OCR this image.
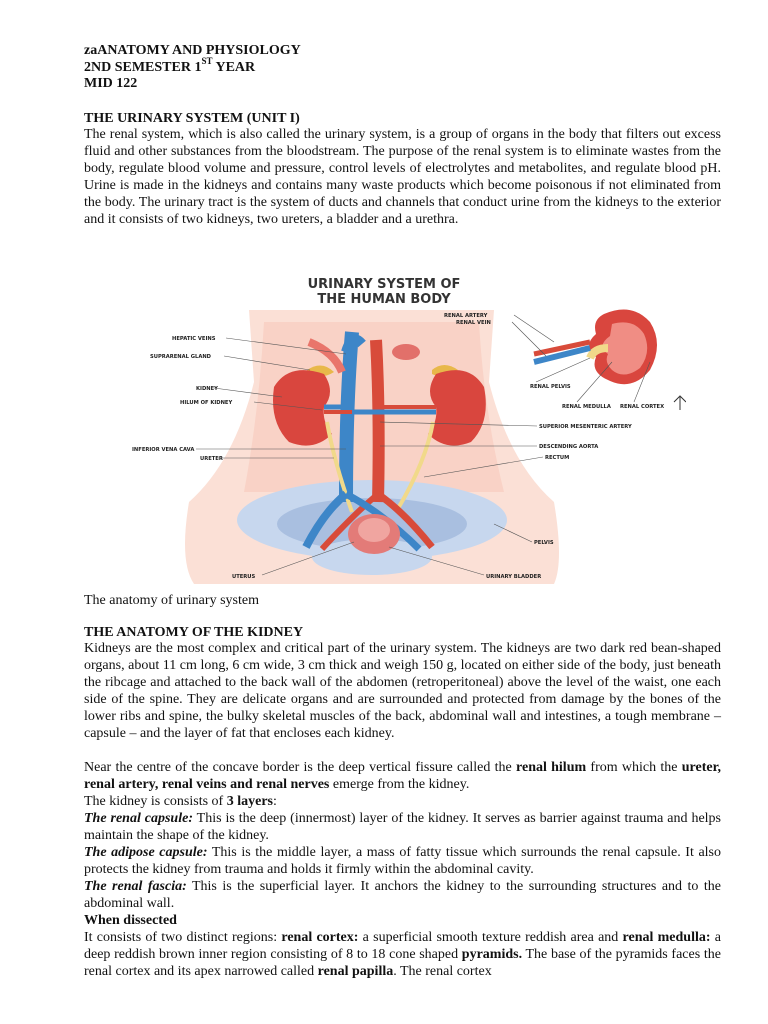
zaANATOMY AND PHYSIOLOGY
2ND SEMESTER 1ST YEAR
MID 122
THE URINARY SYSTEM (UNIT I)
The renal system, which is also called the urinary system, is a group of organs in the body that filters out excess fluid and other substances from the bloodstream. The purpose of the renal system is to eliminate wastes from the body, regulate blood volume and pressure, control levels of electrolytes and metabolites, and regulate blood pH. Urine is made in the kidneys and contains many waste products which become poisonous if not eliminated from the body. The urinary tract is the system of ducts and channels that conduct urine from the kidneys to the exterior and it consists of two kidneys, two ureters, a bladder and a urethra.
URINARY SYSTEM OF
THE HUMAN BODY
HEPATIC VEINS
SUPRARENAL GLAND
KIDNEY
HILUM OF KIDNEY
INFERIOR VENA CAVA
URETER
UTERUS
RENAL ARTERY
RENAL VEIN
RENAL PELVIS
RENAL MEDULLA RENAL CORTEX
SUPERIOR MESENTERIC ARTERY
DESCENDING AORTA
RECTUM
PELVIS
URINARY BLADDER
The anatomy of urinary system
THE ANATOMY OF THE KIDNEY
Kidneys are the most complex and critical part of the urinary system. The kidneys are two dark red bean-shaped organs, about 11 cm long, 6 cm wide, 3 cm thick and weigh 150 g, located on either side of the body, just beneath the ribcage and attached to the back wall of the abdomen (retroperitoneal) above the level of the waist, one each side of the spine. They are delicate organs and are surrounded and protected from damage by the bones of the lower ribs and spine, the bulky skeletal muscles of the back, abdominal wall and intestines, a tough membrane – capsule – and the layer of fat that encloses each kidney.
Near the centre of the concave border is the deep vertical fissure called the renal hilum from which the ureter, renal artery, renal veins and renal nerves emerge from the kidney.
The kidney is consists of 3 layers:
The renal capsule: This is the deep (innermost) layer of the kidney. It serves as barrier against trauma and helps maintain the shape of the kidney.
The adipose capsule: This is the middle layer, a mass of fatty tissue which surrounds the renal capsule. It also protects the kidney from trauma and holds it firmly within the abdominal cavity.
The renal fascia: This is the superficial layer. It anchors the kidney to the surrounding structures and to the abdominal wall.
When dissected
It consists of two distinct regions: renal cortex: a superficial smooth texture reddish area and renal medulla: a deep reddish brown inner region consisting of 8 to 18 cone shaped pyramids. The base of the pyramids faces the renal cortex and its apex narrowed called renal papilla. The renal cortex
